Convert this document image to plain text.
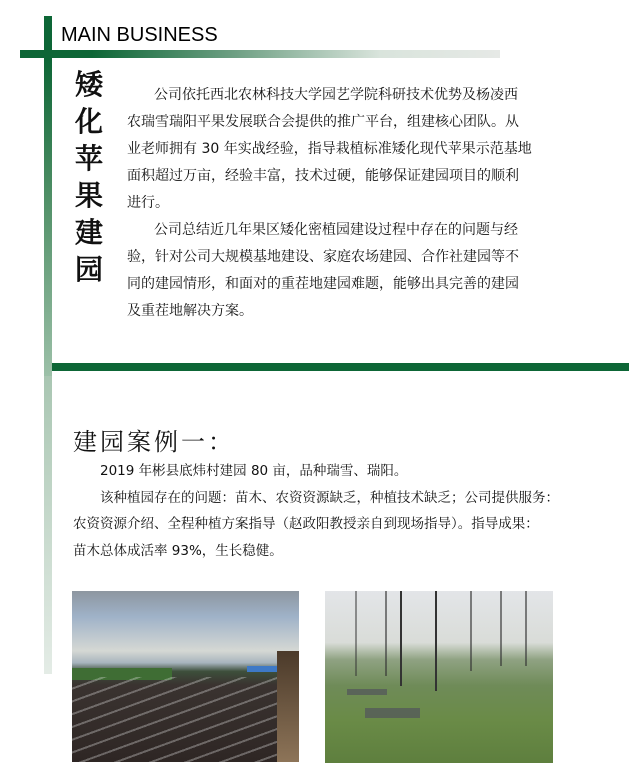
MAIN BUSINESS
矮
化
苹
果
建
园
公司依托西北农林科技大学园艺学院科研技术优势及杨凌西
农瑞雪瑞阳平果发展联合会提供的推广平台，组建核心团队。从
业老师拥有 30 年实战经验，指导栽植标准矮化现代苹果示范基地
面积超过万亩，经验丰富，技术过硬，能够保证建园项目的顺利
进行。
公司总结近几年果区矮化密植园建设过程中存在的问题与经
验，针对公司大规模基地建设、家庭农场建园、合作社建园等不
同的建园情形，和面对的重茬地建园难题，能够出具完善的建园
及重茬地解决方案。
建园案例一：
2019 年彬县底炜村建园 80 亩，品种瑞雪、瑞阳。
该种植园存在的问题：苗木、农资资源缺乏，种植技术缺乏；公司提供服务：
农资资源介绍、全程种植方案指导（赵政阳教授亲自到现场指导）。指导成果：
苗木总体成活率 93%，生长稳健。
